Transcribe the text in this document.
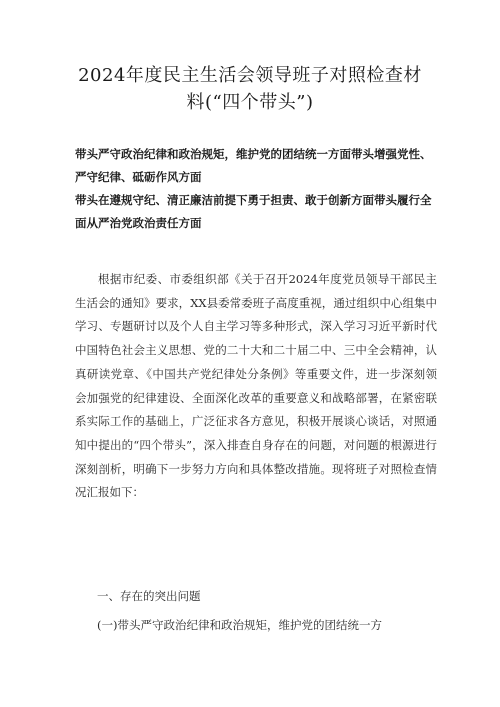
2024年度民主生活会领导班子对照检查材
料(“四个带头”)

带头严守政治纪律和政治规矩，维护党的团结统一方面带头增强党性、严守纪律、砥砺作风方面

带头在遵规守纪、清正廉洁前提下勇于担责、敢于创新方面带头履行全面从严治党政治责任方面

根据市纪委、市委组织部《关于召开2024年度党员领导干部民主生活会的通知》要求，XX县委常委班子高度重视，通过组织中心组集中学习、专题研讨以及个人自主学习等多种形式，深入学习习近平新时代中国特色社会主义思想、党的二十大和二十届二中、三中全会精神，认真研读党章、《中国共产党纪律处分条例》等重要文件，进一步深刻领会加强党的纪律建设、全面深化改革的重要意义和战略部署，在紧密联系实际工作的基础上，广泛征求各方意见，积极开展谈心谈话，对照通知中提出的“四个带头”，深入排查自身存在的问题，对问题的根源进行深刻剖析，明确下一步努力方向和具体整改措施。现将班子对照检查情况汇报如下：

一、存在的突出问题

(一)带头严守政治纪律和政治规矩，维护党的团结统一方
